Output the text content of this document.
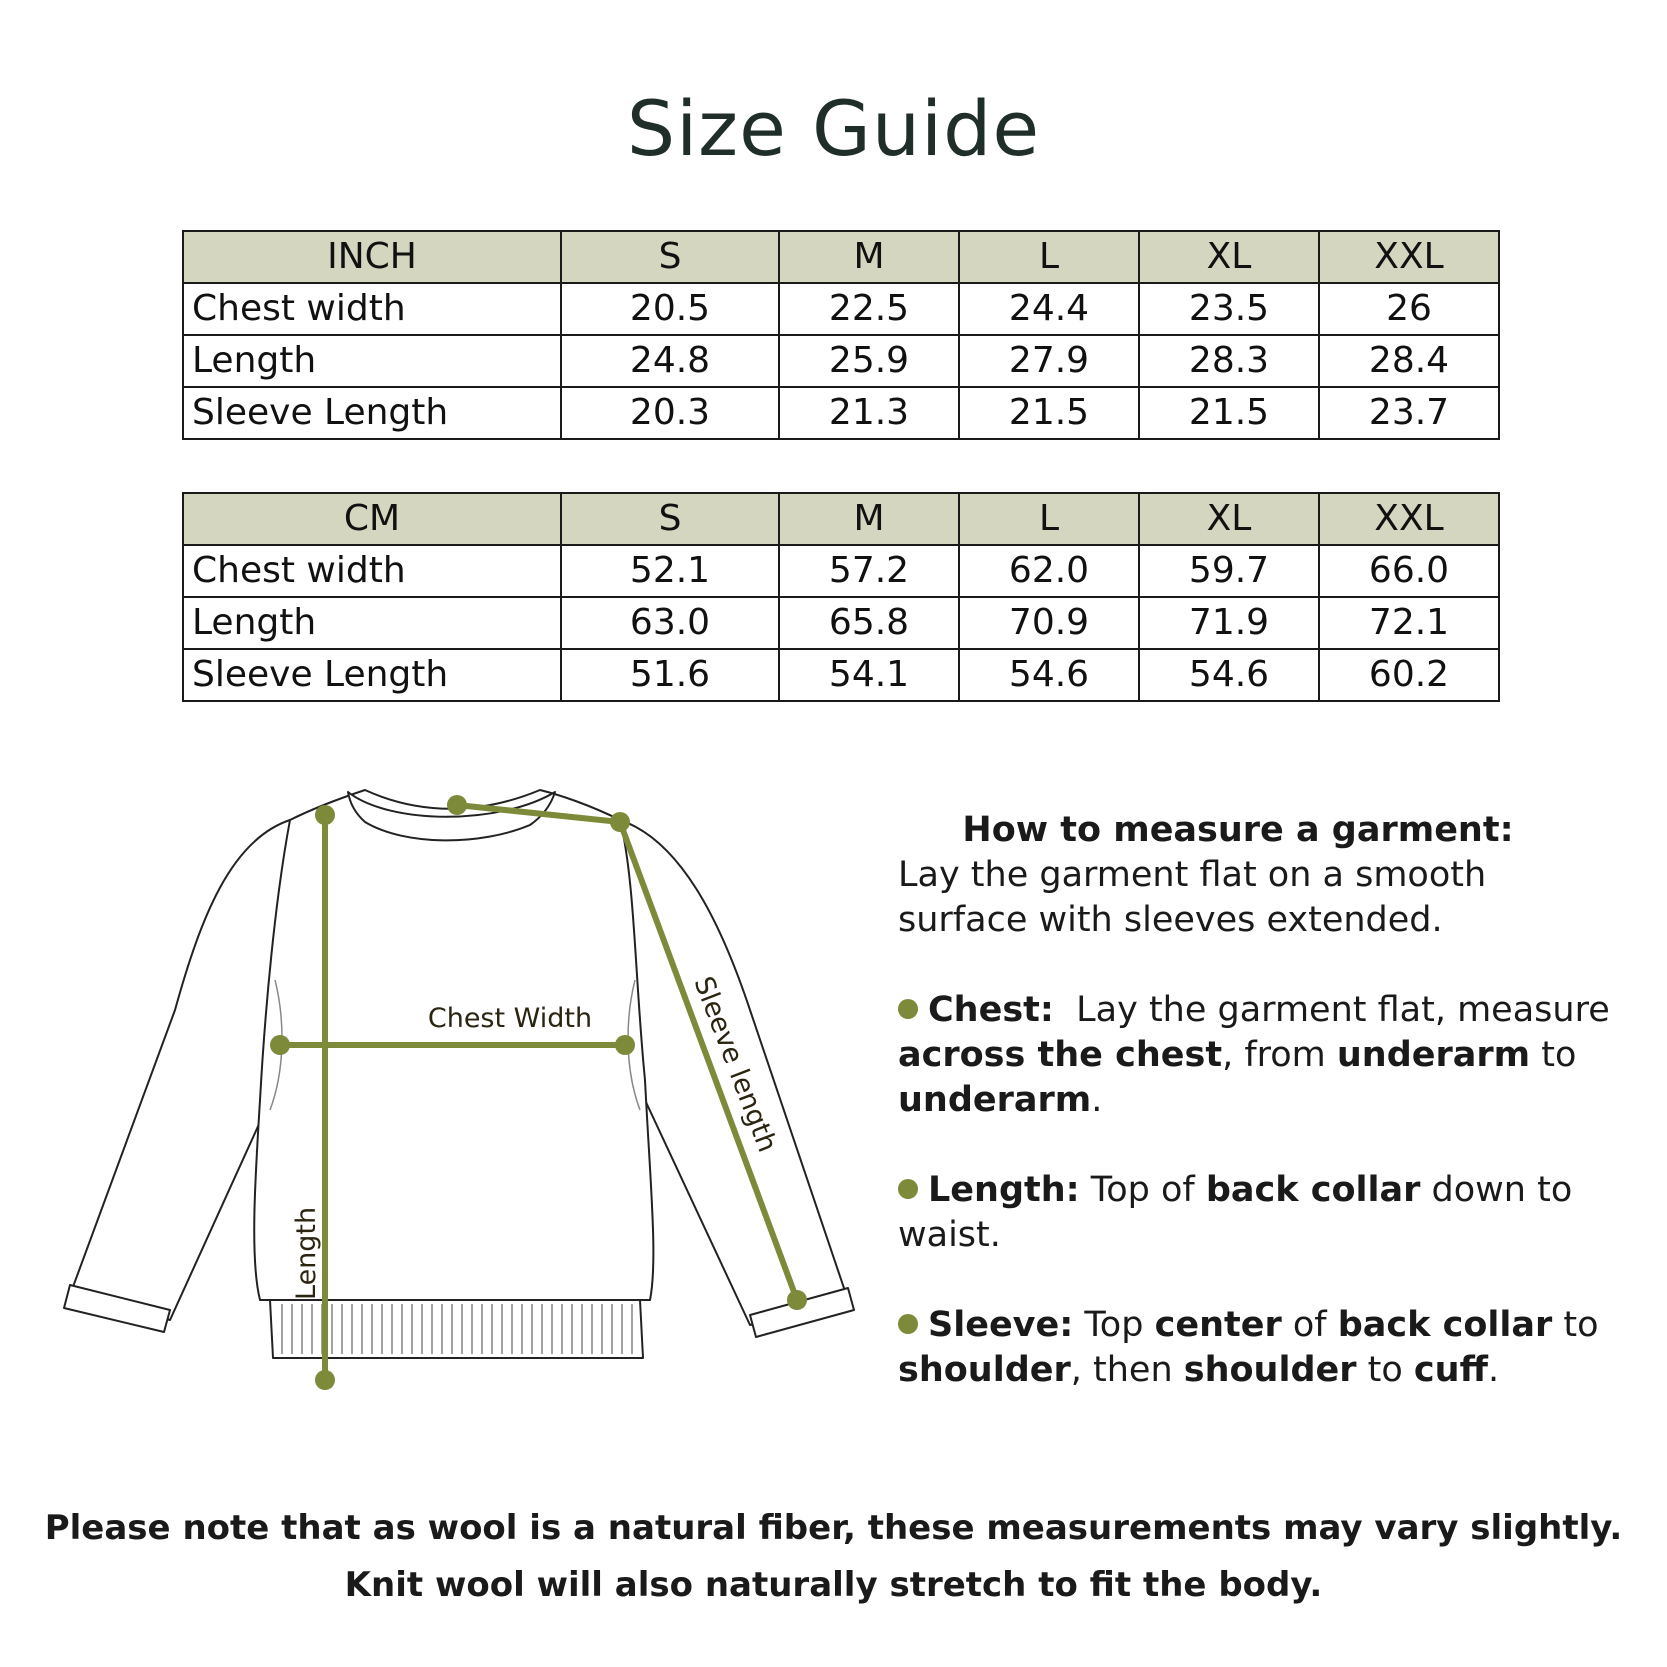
Size Guide
INCH	S	M	L	XL	XXL
Chest width	20.5	22.5	24.4	23.5	26
Length	24.8	25.9	27.9	28.3	28.4
Sleeve Length	20.3	21.3	21.5	21.5	23.7
CM	S	M	L	XL	XXL
Chest width	52.1	57.2	62.0	59.7	66.0
Length	63.0	65.8	70.9	71.9	72.1
Sleeve Length	51.6	54.1	54.6	54.6	60.2
Chest Width
Length
Sleeve length

How to measure a garment:

Lay the garment flat on a smooth surface with sleeves extended.

Chest: Lay the garment flat, measure across the chest, from underarm to underarm.

Length: Top of back collar down to waist.

Sleeve: Top center of back collar to shoulder, then shoulder to cuff.

Please note that as wool is a natural fiber, these measurements may vary slightly.

Knit wool will also naturally stretch to fit the body.
